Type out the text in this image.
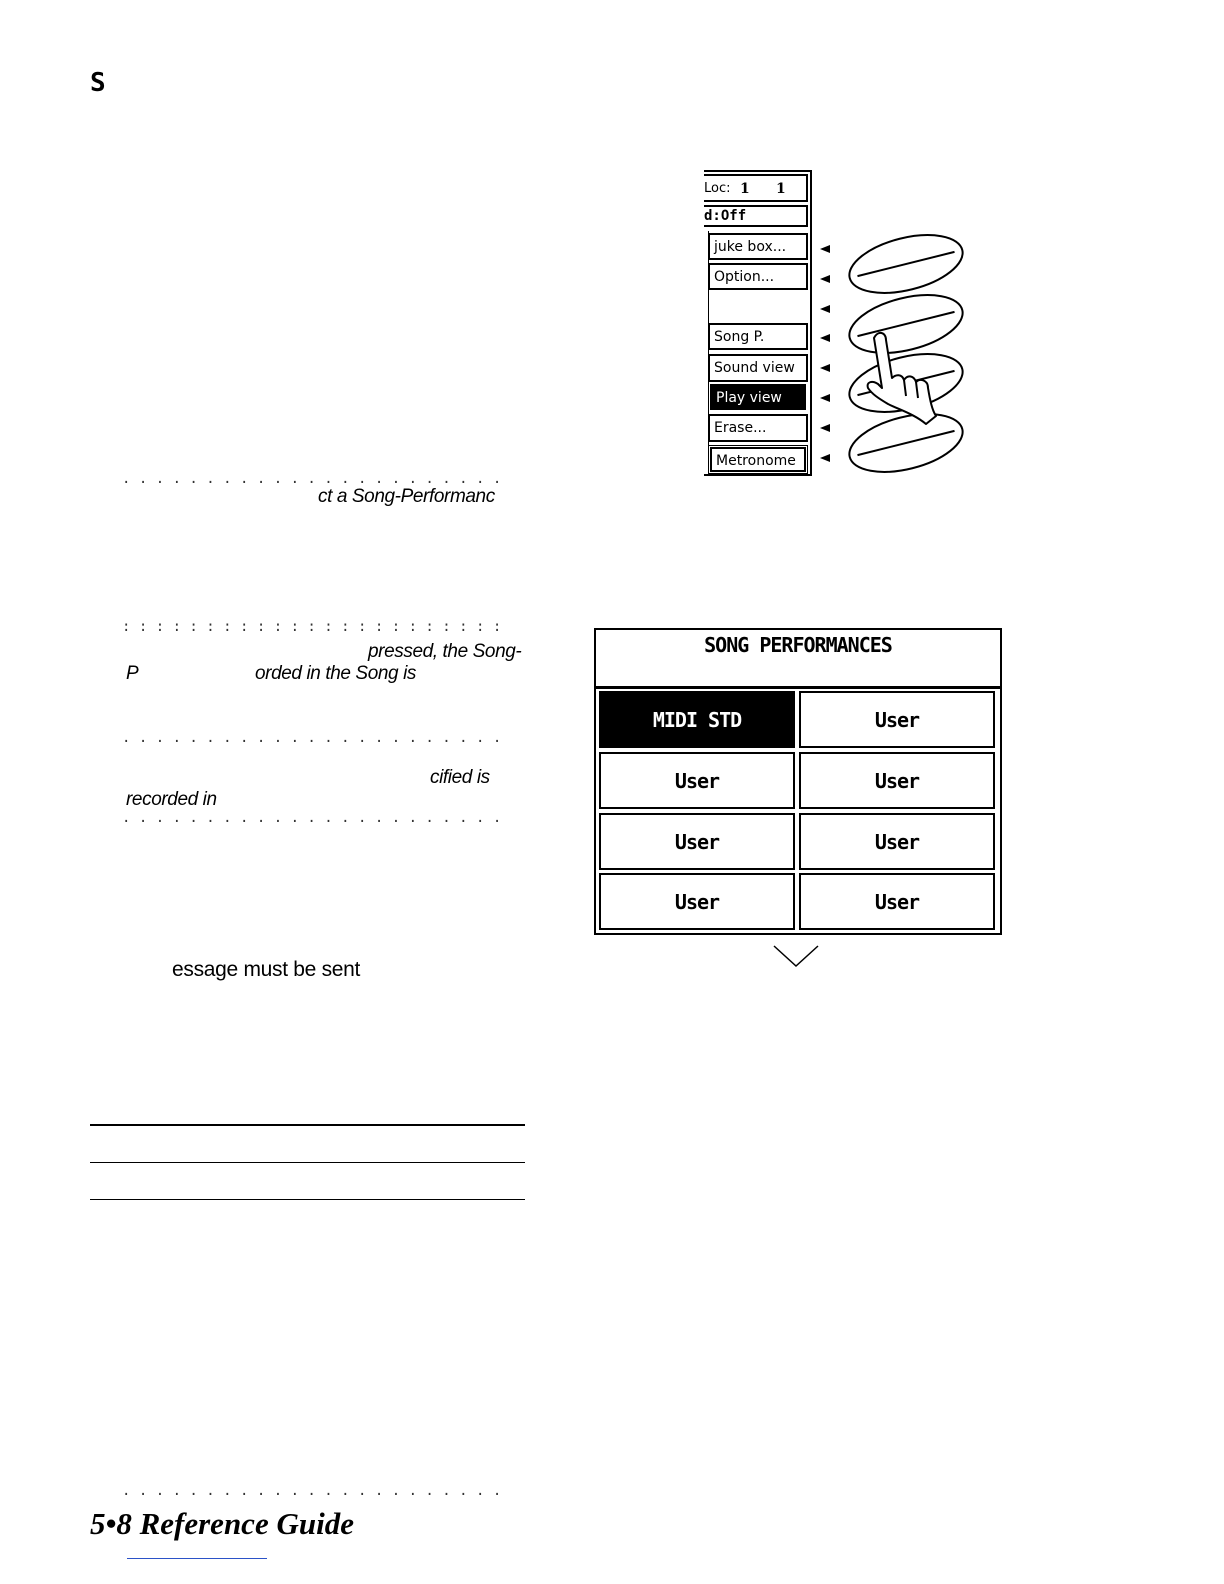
S
. . . . . . . . . . . . . . . . . . . . . . .
ct a Song-Performanc
: : : : : : : : : : : : : : : : : : : : : : :
pressed, the Song-
P	orded in the Song is
. . . . . . . . . . . . . . . . . . . . . . .
cified is
recorded in
. . . . . . . . . . . . . . . . . . . . . . .
essage must be sent
. . . . . . . . . . . . . . . . . . . . . . .
5•8 Reference Guide
Loc: 1 1
d:Off
juke box...
Option...
Song P.
Sound view
Play view
Erase...
Metronome
SONG PERFORMANCES
MIDI STD	User
User	User
User	User
User	User
